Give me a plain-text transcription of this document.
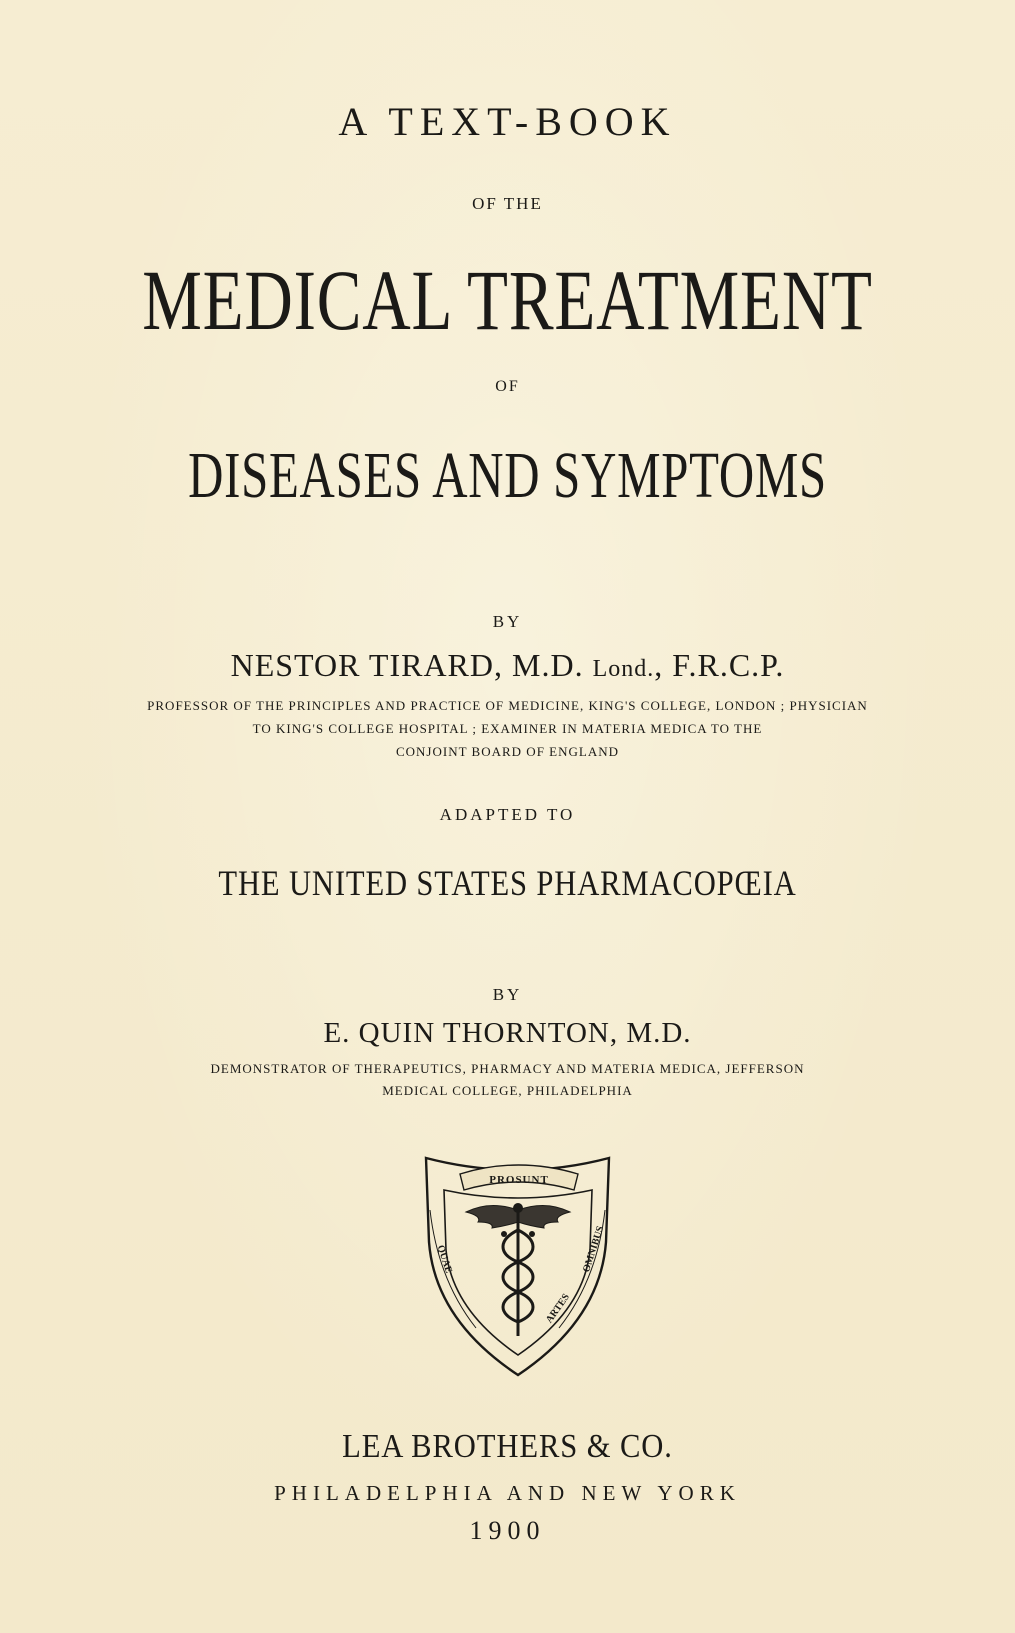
A TEXT-BOOK
OF THE
MEDICAL TREATMENT
OF
DISEASES AND SYMPTOMS
BY
NESTOR TIRARD, M.D. Lond., F.R.C.P.
PROFESSOR OF THE PRINCIPLES AND PRACTICE OF MEDICINE, KING'S COLLEGE, LONDON ; PHYSICIAN
TO KING'S COLLEGE HOSPITAL ; EXAMINER IN MATERIA MEDICA TO THE
CONJOINT BOARD OF ENGLAND
ADAPTED TO
THE UNITED STATES PHARMACOPŒIA
BY
E. QUIN THORNTON, M.D.
DEMONSTRATOR OF THERAPEUTICS, PHARMACY AND MATERIA MEDICA, JEFFERSON
MEDICAL COLLEGE, PHILADELPHIA
PROSUNT
QUAE	OMNIBUS
ARTES
LEA BROTHERS & CO.
PHILADELPHIA AND NEW YORK
1900
